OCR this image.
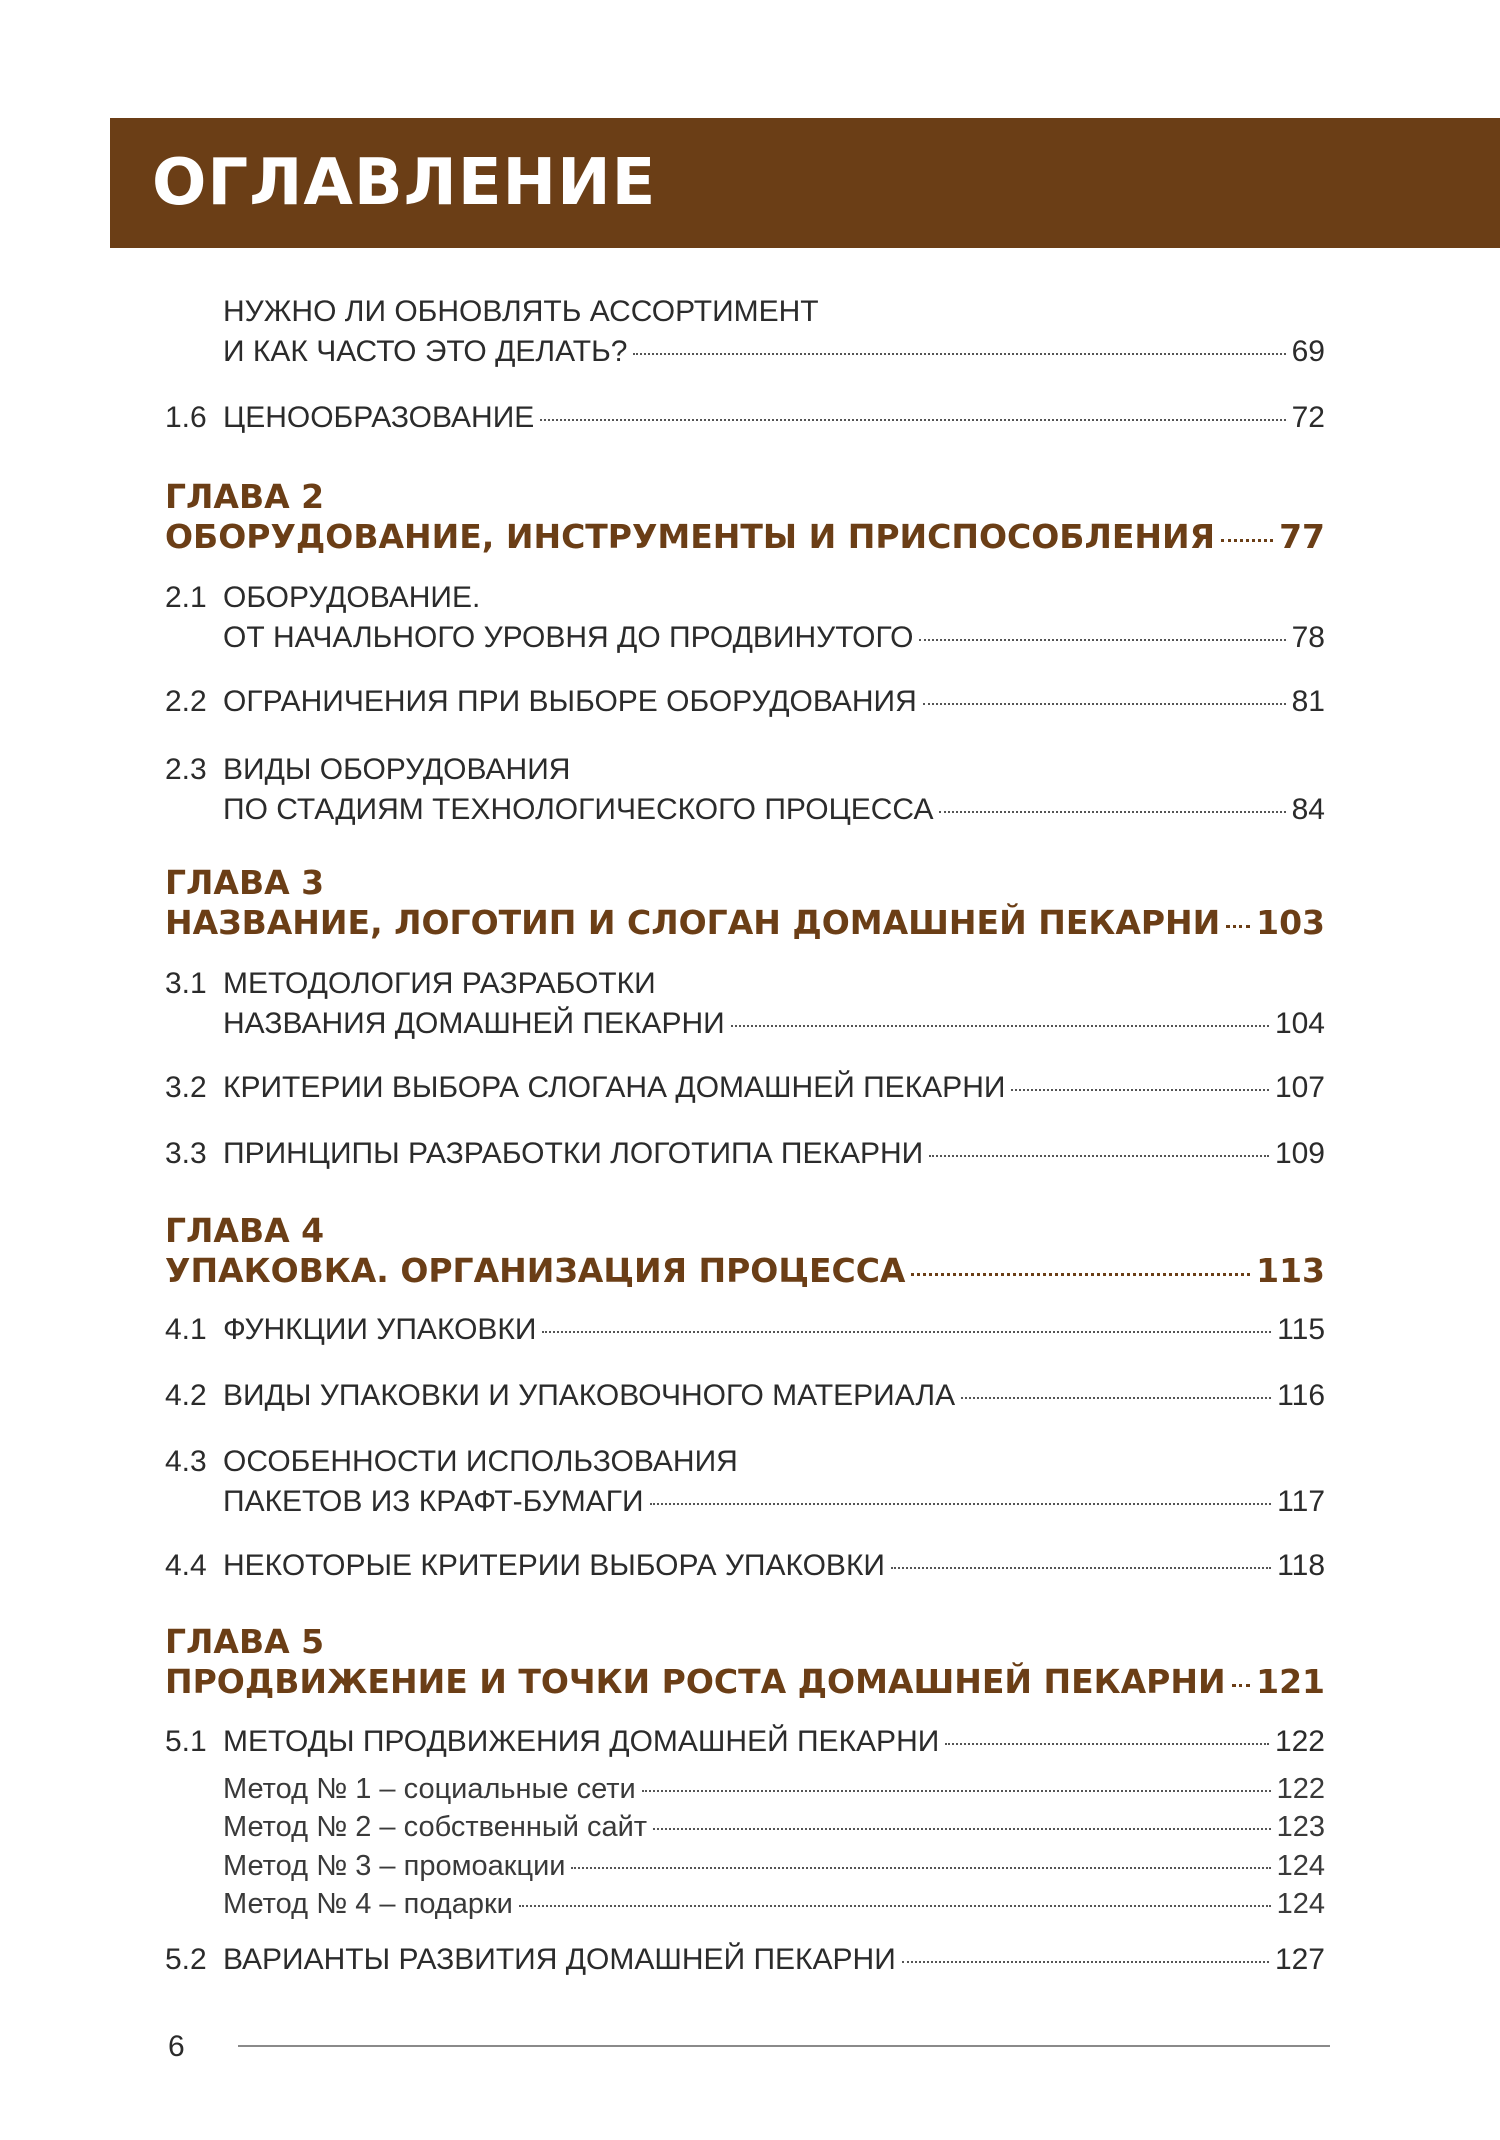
ОГЛАВЛЕНИЕ
НУЖНО ЛИ ОБНОВЛЯТЬ АССОРТИМЕНТ
И КАК ЧАСТО ЭТО ДЕЛАТЬ?	69
1.6 ЦЕНООБРАЗОВАНИЕ	72
ГЛАВА 2
ОБОРУДОВАНИЕ, ИНСТРУМЕНТЫ И ПРИСПОСОБЛЕНИЯ 77
2.1 ОБОРУДОВАНИЕ.
ОТ НАЧАЛЬНОГО УРОВНЯ ДО ПРОДВИНУТОГО	78
2.2 ОГРАНИЧЕНИЯ ПРИ ВЫБОРЕ ОБОРУДОВАНИЯ	81
2.3 ВИДЫ ОБОРУДОВАНИЯ
ПО СТАДИЯМ ТЕХНОЛОГИЧЕСКОГО ПРОЦЕССА	84
ГЛАВА 3
НАЗВАНИЕ, ЛОГОТИП И СЛОГАН ДОМАШНЕЙ ПЕКАРНИ 103
3.1 МЕТОДОЛОГИЯ РАЗРАБОТКИ
НАЗВАНИЯ ДОМАШНЕЙ ПЕКАРНИ	104
3.2 КРИТЕРИИ ВЫБОРА СЛОГАНА ДОМАШНЕЙ ПЕКАРНИ	107
3.3 ПРИНЦИПЫ РАЗРАБОТКИ ЛОГОТИПА ПЕКАРНИ	109
ГЛАВА 4
УПАКОВКА. ОРГАНИЗАЦИЯ ПРОЦЕССА	113
4.1 ФУНКЦИИ УПАКОВКИ	115
4.2 ВИДЫ УПАКОВКИ И УПАКОВОЧНОГО МАТЕРИАЛА	116
4.3 ОСОБЕННОСТИ ИСПОЛЬЗОВАНИЯ
ПАКЕТОВ ИЗ КРАФТ-БУМАГИ	117
4.4 НЕКОТОРЫЕ КРИТЕРИИ ВЫБОРА УПАКОВКИ	118
ГЛАВА 5
ПРОДВИЖЕНИЕ И ТОЧКИ РОСТА ДОМАШНЕЙ ПЕКАРНИ 121
5.1 МЕТОДЫ ПРОДВИЖЕНИЯ ДОМАШНЕЙ ПЕКАРНИ	122
Метод № 1 – социальные сети	122
Метод № 2 – собственный сайт	123
Метод № 3 – промоакции	124
Метод № 4 – подарки	124
5.2 ВАРИАНТЫ РАЗВИТИЯ ДОМАШНЕЙ ПЕКАРНИ	127
6
